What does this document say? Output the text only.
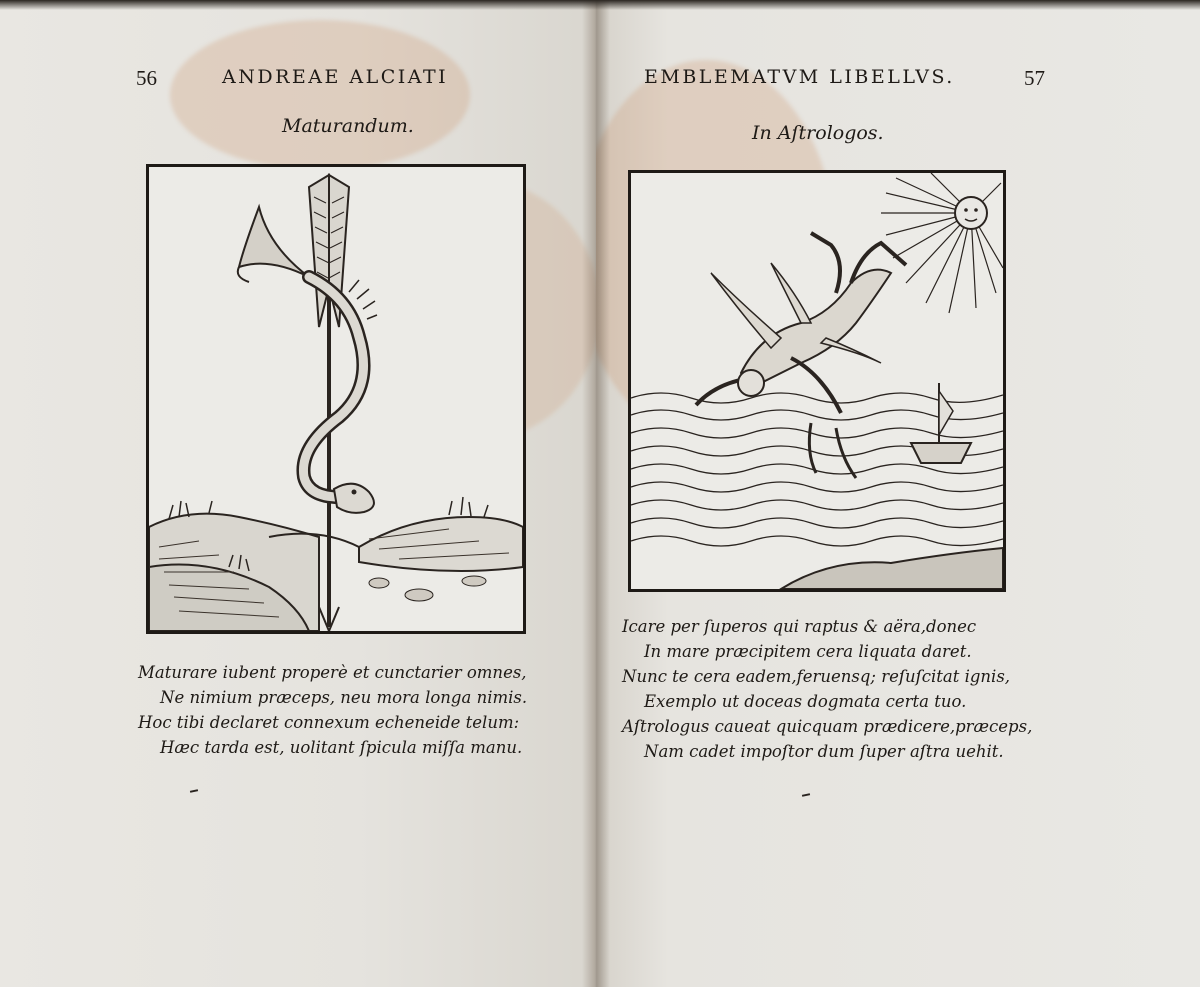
56	ANDREAE ALCIATI
Maturandum.
Maturare iubent properè et cunctarier omnes,
Ne nimium præceps, neu mora longa nimis.
Hoc tibi declaret connexum echeneide telum:
Hæc tarda est, uolitant ſpicula miſſa manu.
EMBLEMATVM LIBELLVS.	57
In Aſtrologos.
Icare per ſuperos qui raptus & aëra,donec
In mare præcipitem cera liquata daret.
Nunc te cera eadem,feruensq; reſuſcitat ignis,
Exemplo ut doceas dogmata certa tuo.
Aſtrologus caueat quicquam prædicere,præceps,
Nam cadet impoſtor dum ſuper aſtra uehit.
